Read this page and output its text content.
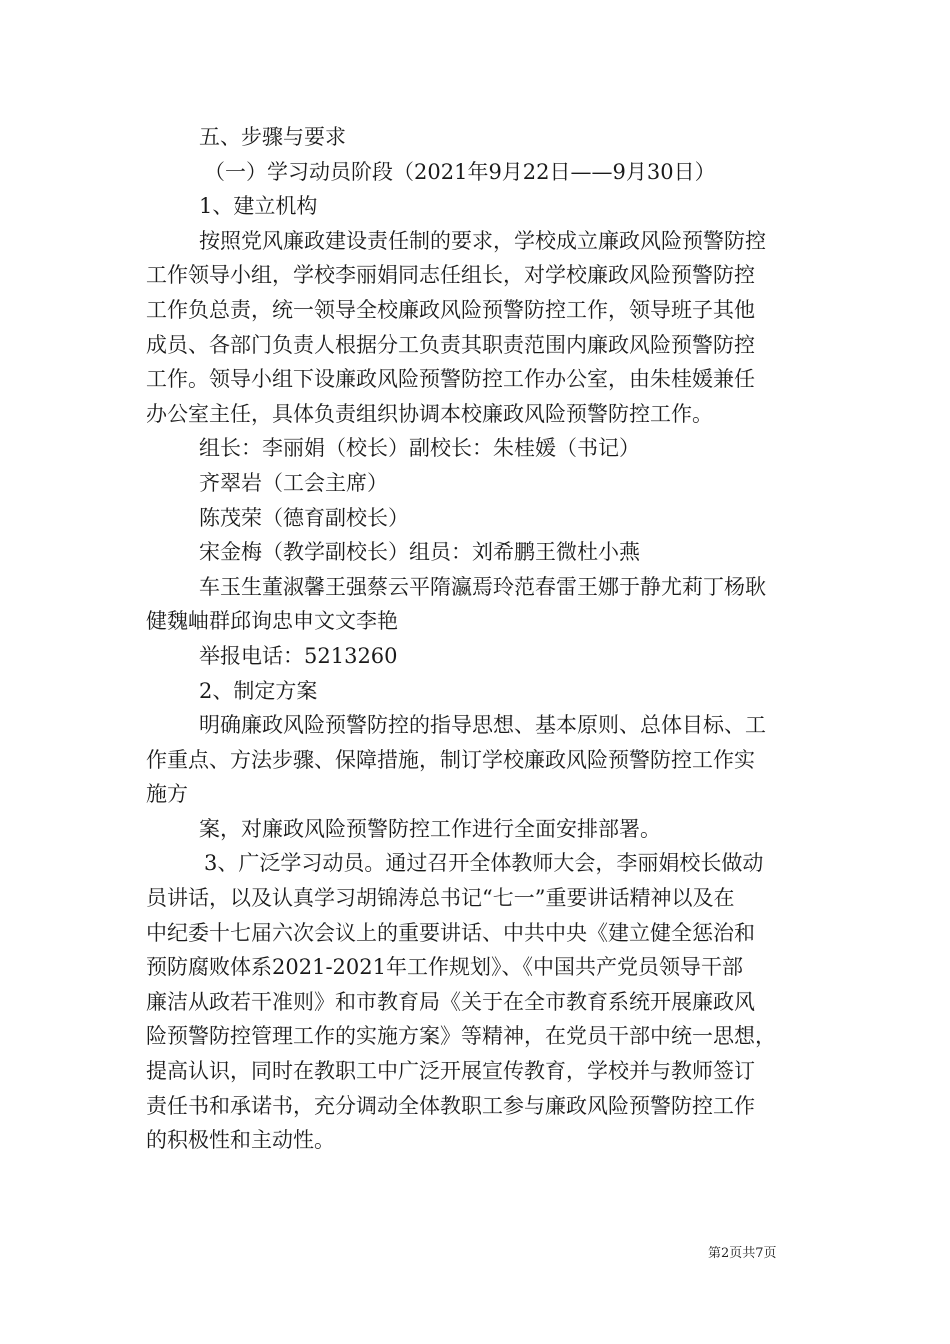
五、步骤与要求

（一）学习动员阶段（2021年9月22日——9月30日）

1、建立机构

按照党风廉政建设责任制的要求，学校成立廉政风险预警防控

工作领导小组，学校李丽娟同志任组长，对学校廉政风险预警防控

工作负总责，统一领导全校廉政风险预警防控工作，领导班子其他

成员、各部门负责人根据分工负责其职责范围内廉政风险预警防控

工作。领导小组下设廉政风险预警防控工作办公室，由朱桂媛兼任

办公室主任，具体负责组织协调本校廉政风险预警防控工作。

组长：李丽娟（校长）副校长：朱桂媛（书记）

齐翠岩（工会主席）

陈茂荣（德育副校长）

宋金梅（教学副校长）组员：刘希鹏王微杜小燕

车玉生董淑馨王强蔡云平隋瀛焉玲范春雷王娜于静尤莉丁杨耿

健魏岫群邱询忠申文文李艳

举报电话：5213260

2、制定方案

明确廉政风险预警防控的指导思想、基本原则、总体目标、工

作重点、方法步骤、保障措施，制订学校廉政风险预警防控工作实

施方

案，对廉政风险预警防控工作进行全面安排部署。

3、广泛学习动员。通过召开全体教师大会，李丽娟校长做动

员讲话，以及认真学习胡锦涛总书记“七一”重要讲话精神以及在

中纪委十七届六次会议上的重要讲话、中共中央《建立健全惩治和

预防腐败体系2021-2021年工作规划》、《中国共产党员领导干部

廉洁从政若干准则》和市教育局《关于在全市教育系统开展廉政风

险预警防控管理工作的实施方案》等精神，在党员干部中统一思想，

提高认识，同时在教职工中广泛开展宣传教育，学校并与教师签订

责任书和承诺书，充分调动全体教职工参与廉政风险预警防控工作

的积极性和主动性。

第2页共7页
